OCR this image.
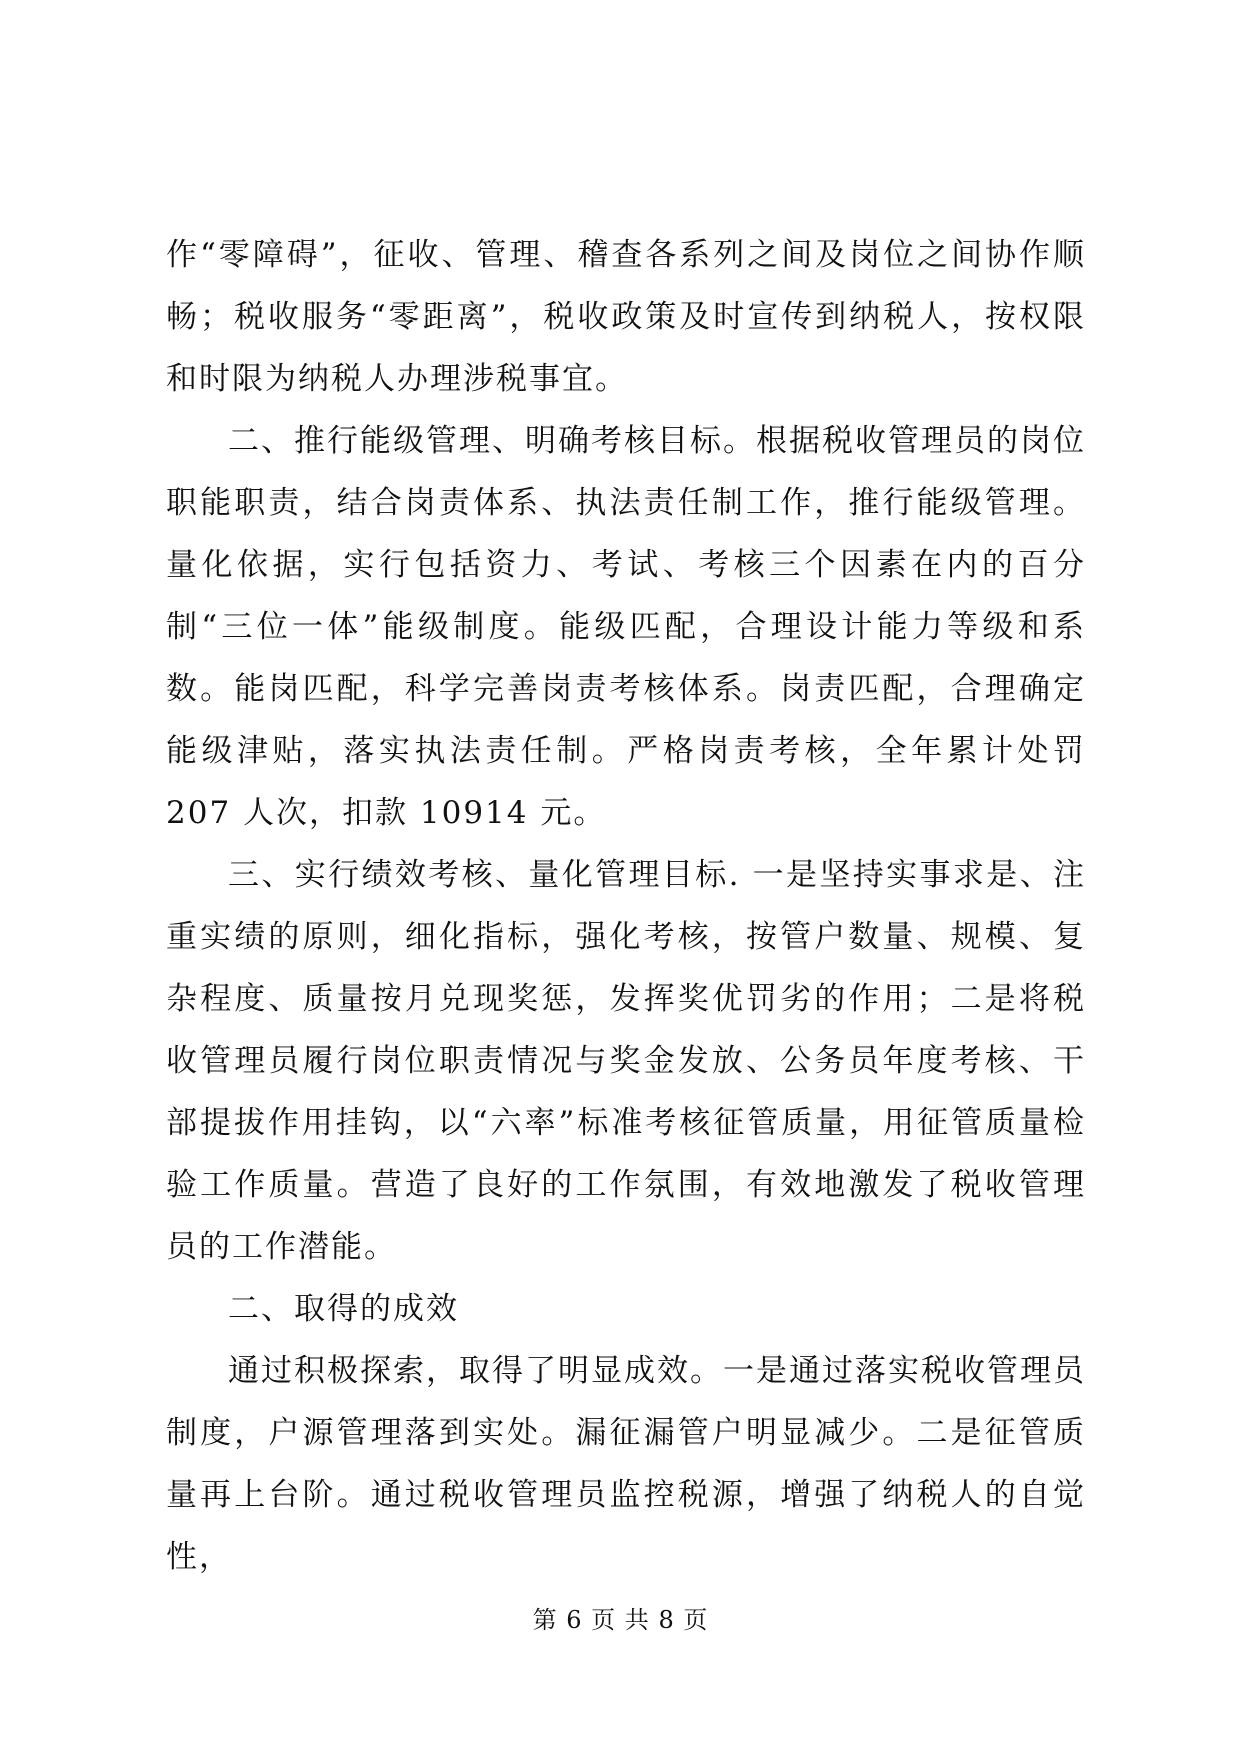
作“零障碍”，征收、管理、稽查各系列之间及岗位之间协作顺畅；税收服务“零距离”，税收政策及时宣传到纳税人，按权限和时限为纳税人办理涉税事宜。

二、推行能级管理、明确考核目标。根据税收管理员的岗位职能职责，结合岗责体系、执法责任制工作，推行能级管理。量化依据，实行包括资力、考试、考核三个因素在内的百分制“三位一体”能级制度。能级匹配，合理设计能力等级和系数。能岗匹配，科学完善岗责考核体系。岗责匹配，合理确定能级津贴，落实执法责任制。严格岗责考核，全年累计处罚 207 人次，扣款 10914 元。

三、实行绩效考核、量化管理目标. 一是坚持实事求是、注重实绩的原则，细化指标，强化考核，按管户数量、规模、复杂程度、质量按月兑现奖惩，发挥奖优罚劣的作用；二是将税收管理员履行岗位职责情况与奖金发放、公务员年度考核、干部提拔作用挂钩，以“六率”标准考核征管质量，用征管质量检验工作质量。营造了良好的工作氛围，有效地激发了税收管理员的工作潜能。

二、取得的成效

通过积极探索，取得了明显成效。一是通过落实税收管理员制度，户源管理落到实处。漏征漏管户明显减少。二是征管质量再上台阶。通过税收管理员监控税源，增强了纳税人的自觉性，

第 6 页 共 8 页
